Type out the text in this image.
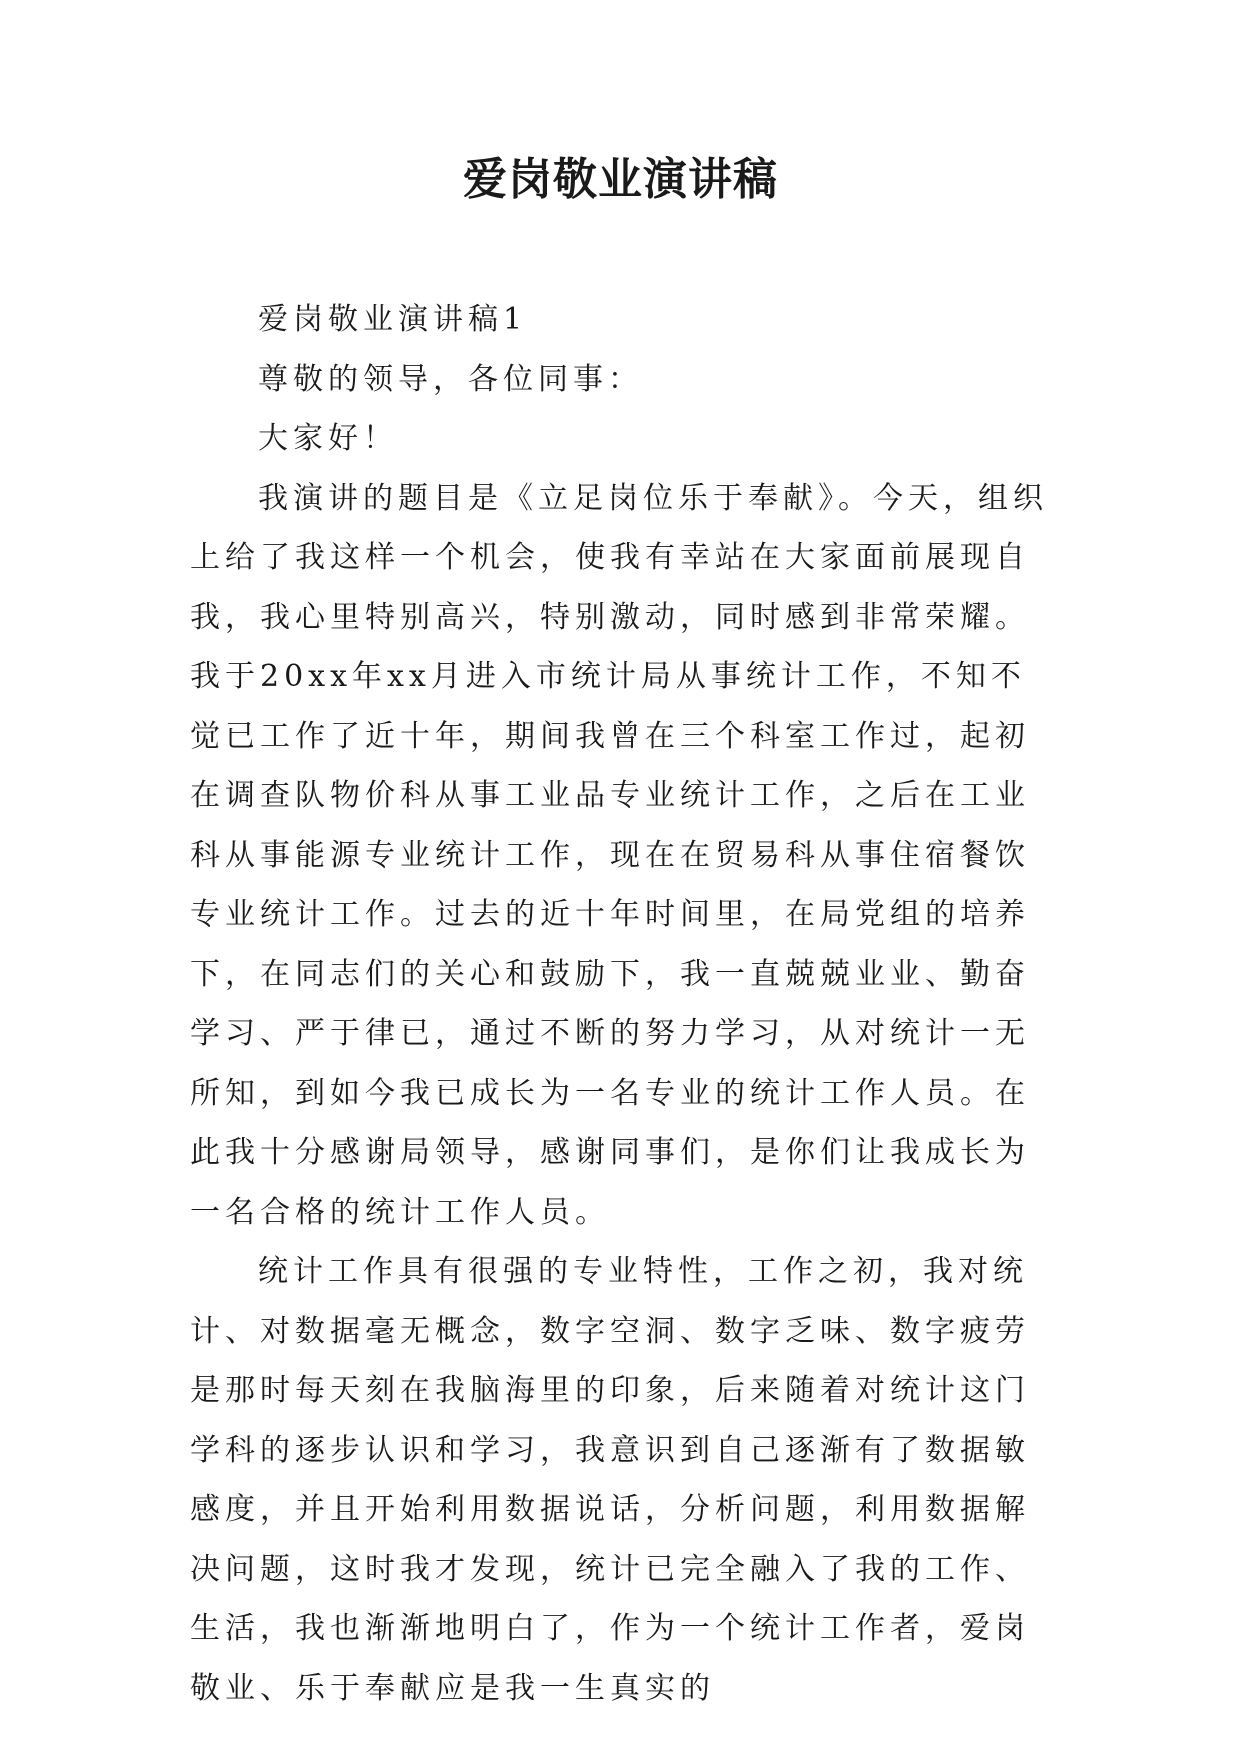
爱岗敬业演讲稿

爱岗敬业演讲稿1

尊敬的领导，各位同事：

大家好！

我演讲的题目是《立足岗位乐于奉献》。今天，组织上给了我这样一个机会，使我有幸站在大家面前展现自我，我心里特别高兴，特别激动，同时感到非常荣耀。我于20xx年xx月进入市统计局从事统计工作，不知不觉已工作了近十年，期间我曾在三个科室工作过，起初在调查队物价科从事工业品专业统计工作，之后在工业科从事能源专业统计工作，现在在贸易科从事住宿餐饮专业统计工作。过去的近十年时间里，在局党组的培养下，在同志们的关心和鼓励下，我一直兢兢业业、勤奋学习、严于律已，通过不断的努力学习，从对统计一无所知，到如今我已成长为一名专业的统计工作人员。在此我十分感谢局领导，感谢同事们，是你们让我成长为一名合格的统计工作人员。

统计工作具有很强的专业特性，工作之初，我对统计、对数据毫无概念，数字空洞、数字乏味、数字疲劳是那时每天刻在我脑海里的印象，后来随着对统计这门学科的逐步认识和学习，我意识到自己逐渐有了数据敏感度，并且开始利用数据说话，分析问题，利用数据解决问题，这时我才发现，统计已完全融入了我的工作、生活，我也渐渐地明白了，作为一个统计工作者，爱岗敬业、乐于奉献应是我一生真实的
